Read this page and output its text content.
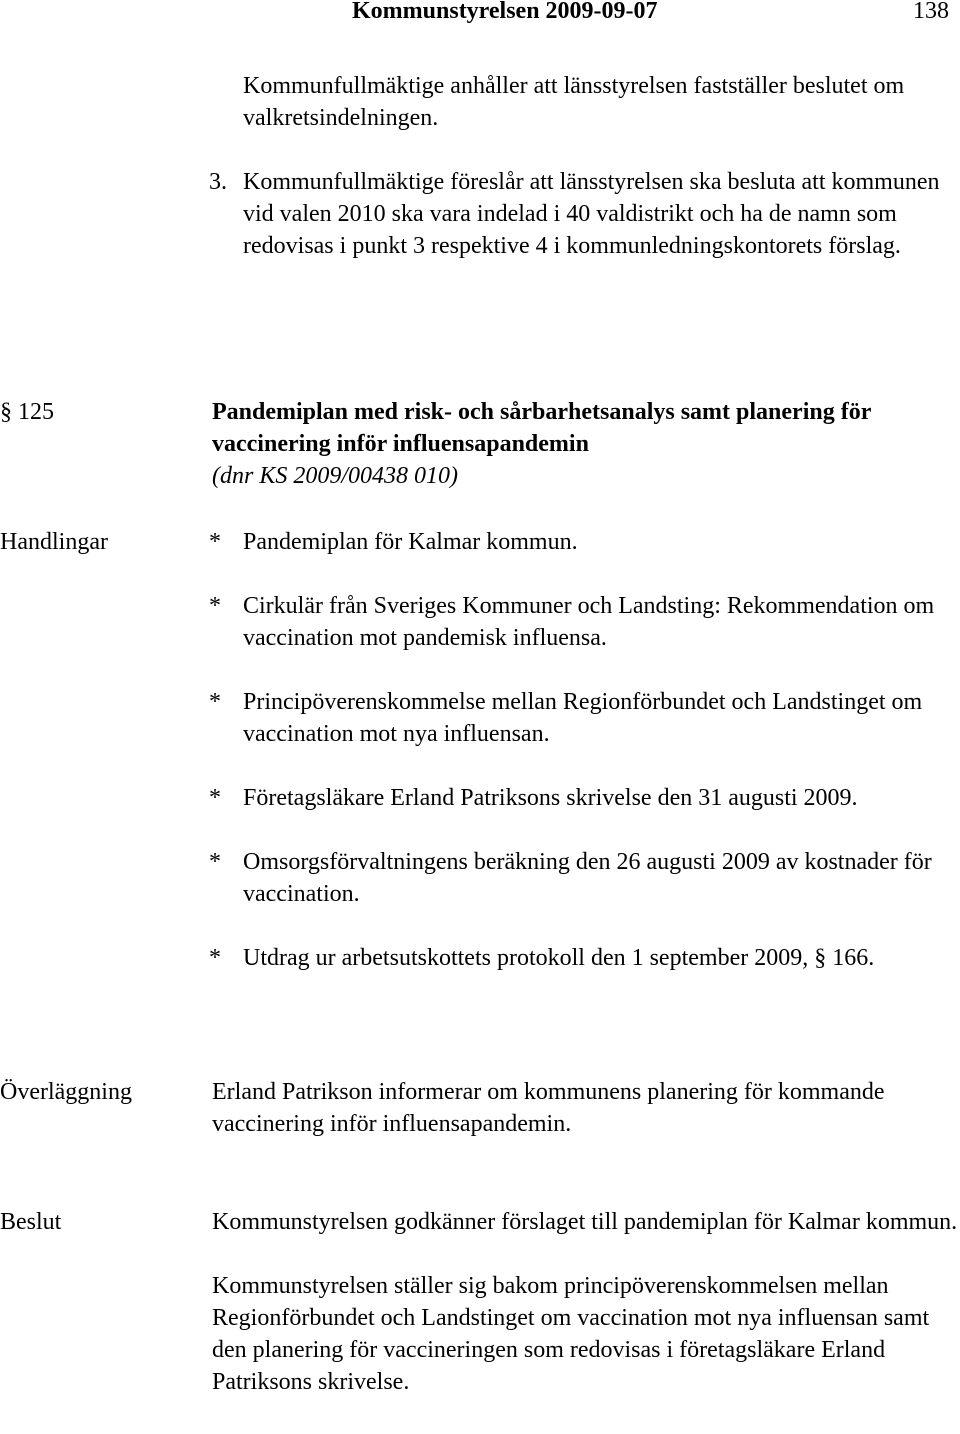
Kommunstyrelsen 2009-09-07	138

Kommunfullmäktige anhåller att länsstyrelsen fastställer beslutet om valkretsindelningen.

3. Kommunfullmäktige föreslår att länsstyrelsen ska besluta att kommunen vid valen 2010 ska vara indelad i 40 valdistrikt och ha de namn som redovisas i punkt 3 respektive 4 i kommunledningskontorets förslag.
§ 125	Pandemiplan med risk- och sårbarhetsanalys samt planering för vaccinering inför influensapandemin
(dnr KS 2009/00438 010)
Handlingar	* Pandemiplan för Kalmar kommun.
* Cirkulär från Sveriges Kommuner och Landsting: Rekommendation om vaccination mot pandemisk influensa.
* Principöverenskommelse mellan Regionförbundet och Landstinget om vaccination mot nya influensan.
* Företagsläkare Erland Patriksons skrivelse den 31 augusti 2009.
* Omsorgsförvaltningens beräkning den 26 augusti 2009 av kostnader för vaccination.
* Utdrag ur arbetsutskottets protokoll den 1 september 2009, § 166.
Överläggning	Erland Patrikson informerar om kommunens planering för kommande vaccinering inför influensapandemin.

Beslut	Kommunstyrelsen godkänner förslaget till pandemiplan för Kalmar kommun.

Kommunstyrelsen ställer sig bakom principöverenskommelsen mellan Regionförbundet och Landstinget om vaccination mot nya influensan samt den planering för vaccineringen som redovisas i företagsläkare Erland Patriksons skrivelse.
